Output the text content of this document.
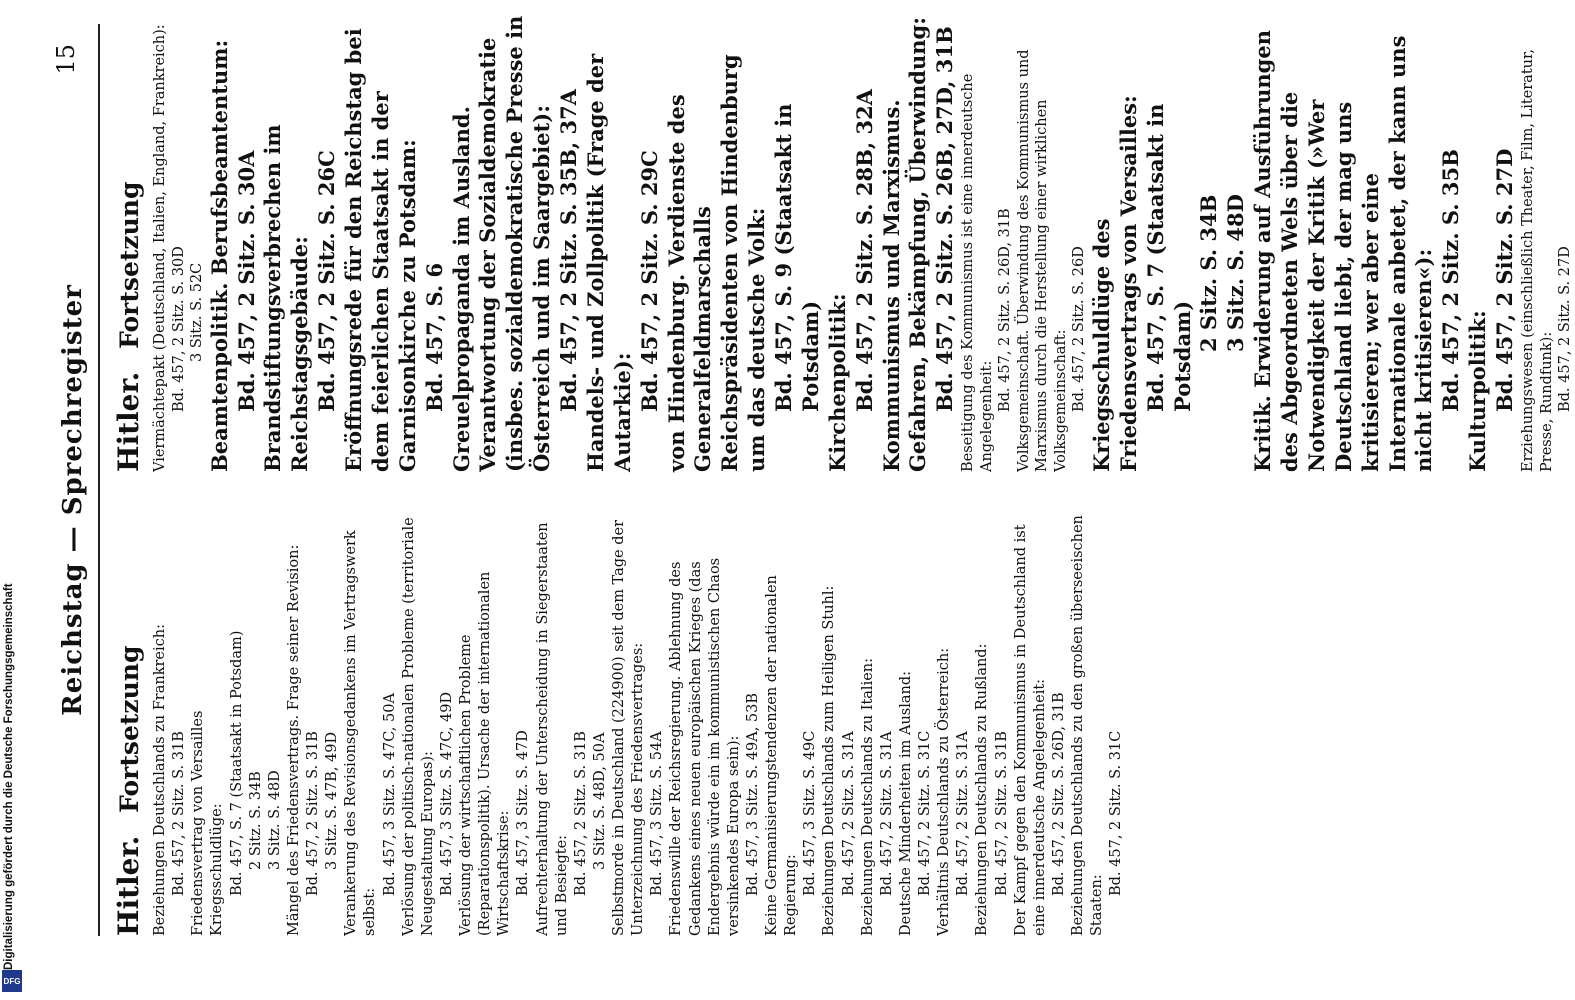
15
Reichstag — Sprechregister
Hitler. Fortsetzung Beziehungen Deutschlands zu Frankreich: Bd. 457, 2 Sitz. S. 31B Friedensvertrag von Versailles Kriegsschuldlüge: Bd. 457, S. 7 (Staatsakt in Potsdam) 2 Sitz. S. 34B 3 Sitz. S. 48D Mängel des Friedensvertrags. Frage seiner Revision: Bd. 457, 2 Sitz. S. 31B 3 Sitz. S. 47B, 49D Verankerung des Revisionsgedankens im Vertragswerk selbst:
Bd. 457, 3 Sitz. S. 47C, 50A Verlösung der politisch-nationalen Probleme (territoriale Neugestaltung Europas): Bd. 457, 3 Sitz. S. 47C, 49D Verlösung der wirtschaftlichen Probleme (Reparationspolitik). Ursache der internationalen Wirtschaftskrise: Bd. 457, 3 Sitz. S. 47D Aufrechterhaltung der Unterscheidung in Siegerstaaten und Besiegte: Bd. 457, 2 Sitz. S. 31B 3 Sitz. S. 48D, 50A Selbstmorde in Deutschland (224900) seit dem Tage der Unterzeichnung des Friedensvertrages: Bd. 457, 3 Sitz. S. 54A Friedenswille der Reichsregierung. Ablehnung des Gedankens eines neuen europäischen Krieges (das Endergebnis würde ein im kommunistischen Chaos versinkendes Europa sein): Bd. 457, 3 Sitz. S. 49A, 53B Keine Germanisierungstendenzen der nationalen Regierung: Bd. 457, 3 Sitz. S. 49C Beziehungen Deutschlands zum Heiligen Stuhl: Bd. 457, 2 Sitz. S. 31A Beziehungen Deutschlands zu Italien: Bd. 457, 2 Sitz. S. 31A Deutsche Minderheiten im Ausland: Bd. 457, 2 Sitz. S. 31C Verhältnis Deutschlands zu Österreich: Bd. 457, 2 Sitz. S. 31A Beziehungen Deutschlands zu Rußland: Bd. 457, 2 Sitz. S. 31B Der Kampf gegen den Kommunismus in Deutschland ist eine innerdeutsche Angelegenheit: Bd. 457, 2 Sitz. S. 26D, 31B Beziehungen Deutschlands zu den großen überseeischen Staaten:
Bd. 457, 2 Sitz. S. 31C

Hitler. Fortsetzung Viermächtepakt (Deutschland, Italien, England, Frankreich): Bd. 457, 2 Sitz. S. 30D 3 Sitz. S. 52C Beamtenpolitik. Berufsbeamtentum: Bd. 457, 2 Sitz. S. 30A Brandstiftungsverbrechen im Reichstagsgebäude: Bd. 457, 2 Sitz. S. 26C Eröffnungsrede für den Reichstag bei dem feierlichen Staatsakt in der Garnisonkirche zu Potsdam: Bd. 457, S. 6 Greuelpropaganda im Ausland. Verantwortung der Sozialdemokratie (insbes. sozialdemokratische Presse in Österreich und im Saargebiet): Bd. 457, 2 Sitz. S. 35B, 37A Handels- und Zollpolitik (Frage der Autarkie):
Bd. 457, 2 Sitz. S. 29C von Hindenburg. Verdienste des Generalfeldmarschalls Reichspräsidenten von Hindenburg um das deutsche Volk: Bd. 457, S. 9 (Staatsakt in Potsdam) Kirchenpolitik: Bd. 457, 2 Sitz. S. 28B, 32A Kommunismus und Marxismus. Gefahren, Bekämpfung, Überwindung: Bd. 457, 2 Sitz. S. 26B, 27D, 31B Beseitigung des Kommunismus ist eine innerdeutsche Angelegenheit:
Bd. 457, 2 Sitz. S. 26D, 31B Volksgemeinschaft. Überwindung des Kommunismus und Marxismus durch die Herstellung einer wirklichen Volksgemeinschaft: Bd. 457, 2 Sitz. S. 26D Kriegsschuldlüge des Friedensvertrags von Versailles: Bd. 457, S. 7 (Staatsakt in Potsdam)
2 Sitz. S. 34B 3 Sitz. S. 48D Kritik. Erwiderung auf Ausführungen des Abgeordneten Wels über die Notwendigkeit der Kritik (»Wer Deutschland liebt, der mag uns kritisieren; wer aber eine Internationale anbetet, der kann uns nicht kritisieren«): Bd. 457, 2 Sitz. S. 35B Kulturpolitik: Bd. 457, 2 Sitz. S. 27D Erziehungswesen (einschließlich Theater, Film, Literatur, Presse, Rundfunk): Bd. 457, 2 Sitz. S. 27D

Digitalisierung gefördert durch die Deutsche Forschungsgemeinschaft
DFG
